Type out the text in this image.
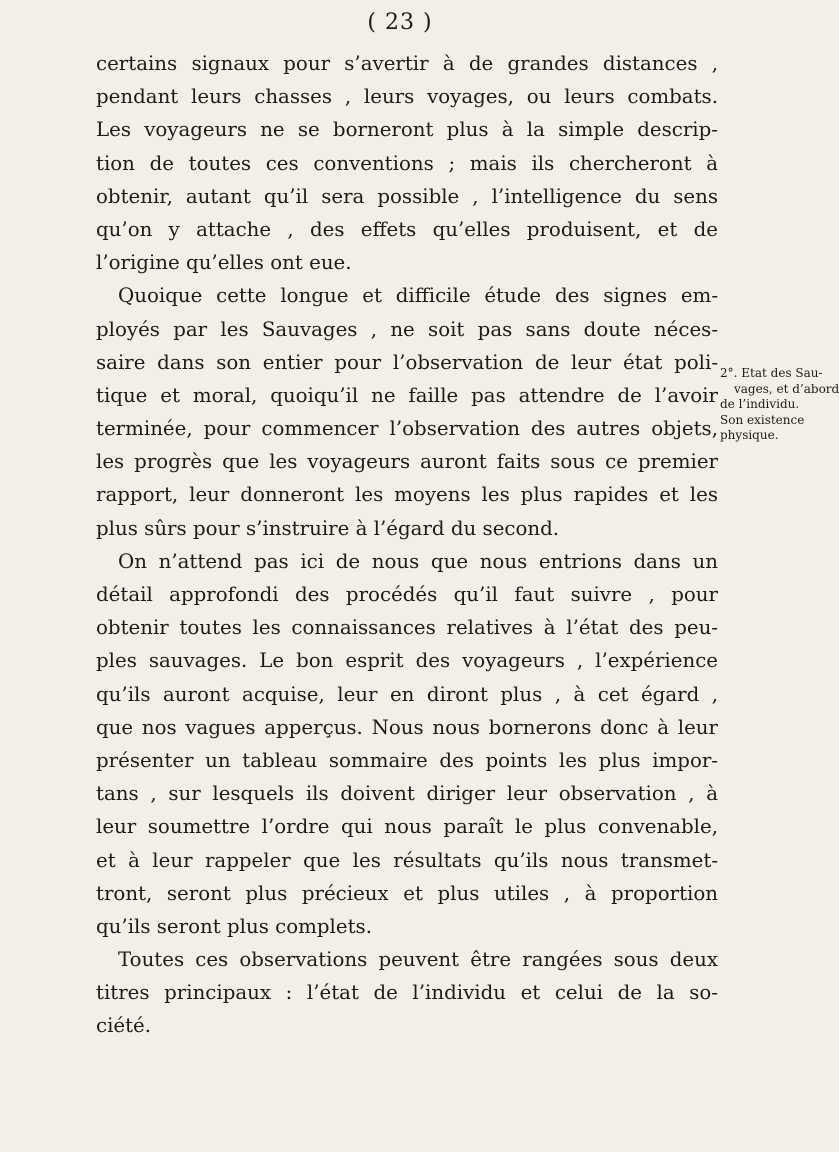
( 23 )
certains signaux pour s’avertir à de grandes distances ,
pendant leurs chasses , leurs voyages, ou leurs combats.
Les voyageurs ne se borneront plus à la simple descrip-
tion de toutes ces conventions ; mais ils chercheront à
obtenir, autant qu’il sera possible , l’intelligence du sens
qu’on y attache , des effets qu’elles produisent, et de
l’origine qu’elles ont eue.
Quoique cette longue et difficile étude des signes em-
ployés par les Sauvages , ne soit pas sans doute néces-
saire dans son entier pour l’observation de leur état poli-
tique et moral, quoiqu’il ne faille pas attendre de l’avoir
terminée, pour commencer l’observation des autres objets,
les progrès que les voyageurs auront faits sous ce premier
rapport, leur donneront les moyens les plus rapides et les
plus sûrs pour s’instruire à l’égard du second.
On n’attend pas ici de nous que nous entrions dans un
détail approfondi des procédés qu’il faut suivre , pour
obtenir toutes les connaissances relatives à l’état des peu-
ples sauvages. Le bon esprit des voyageurs , l’expérience
qu’ils auront acquise, leur en diront plus , à cet égard ,
que nos vagues apperçus. Nous nous bornerons donc à leur
présenter un tableau sommaire des points les plus impor-
tans , sur lesquels ils doivent diriger leur observation , à
leur soumettre l’ordre qui nous paraît le plus convenable,
et à leur rappeler que les résultats qu’ils nous transmet-
tront, seront plus précieux et plus utiles , à proportion
qu’ils seront plus complets.
Toutes ces observations peuvent être rangées sous deux
titres principaux : l’état de l’individu et celui de la so-
ciété.
2°. Etat des Sau-
vages, et d’abord
de l’individu.
Son existence
physique.
